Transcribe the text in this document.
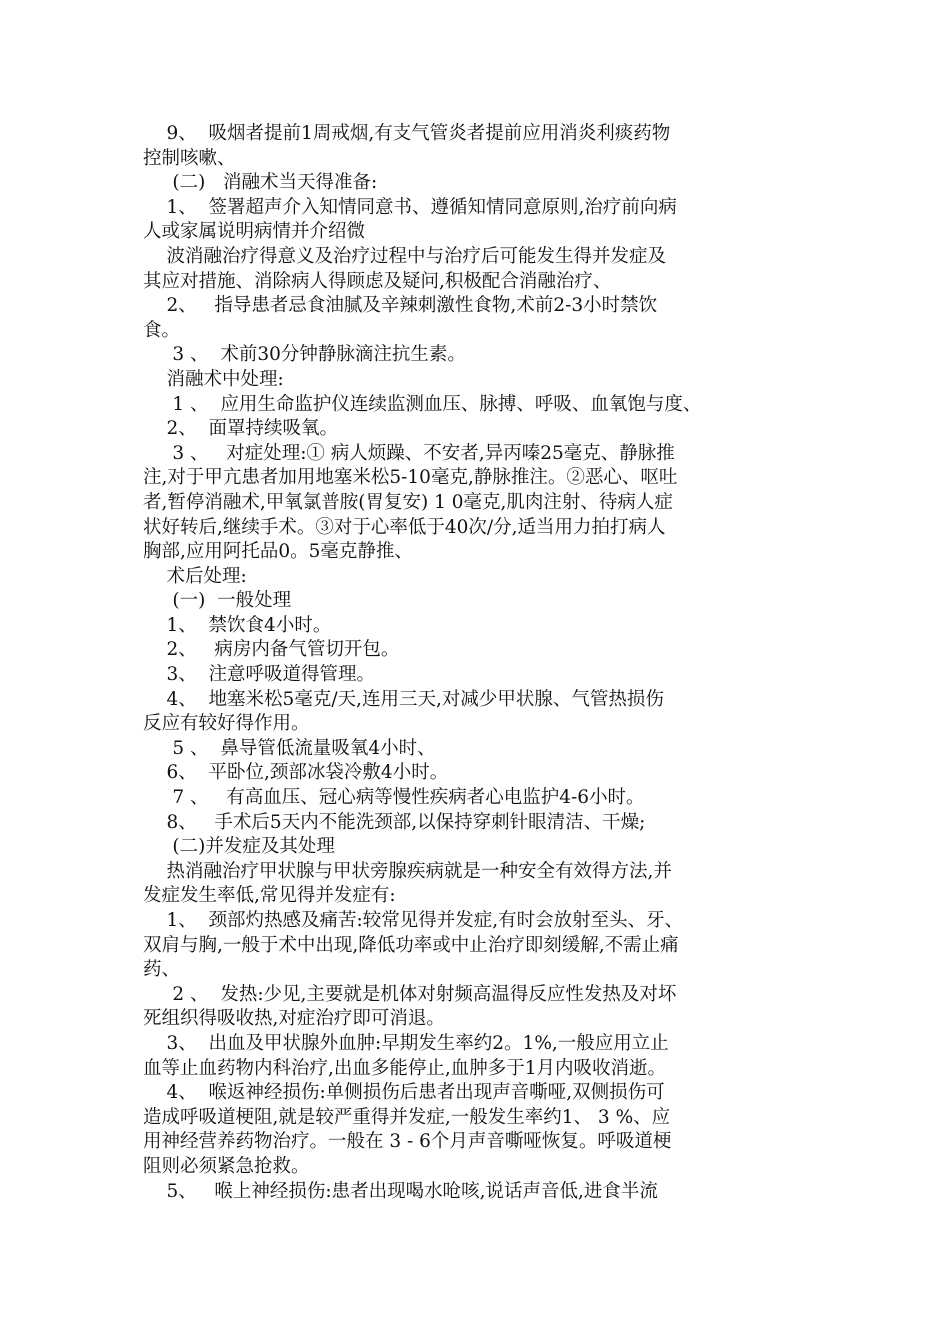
9、  吸烟者提前1周戒烟,有支气管炎者提前应用消炎利痰药物
控制咳嗽、
(二)   消融术当天得准备:
1、  签署超声介入知情同意书、遵循知情同意原则,治疗前向病
人或家属说明病情并介绍微
波消融治疗得意义及治疗过程中与治疗后可能发生得并发症及
其应对措施、消除病人得顾虑及疑问,积极配合消融治疗、
2、   指导患者忌食油腻及辛辣刺激性食物,术前2-3小时禁饮
食。
3 、  术前30分钟静脉滴注抗生素。
消融术中处理:
1 、  应用生命监护仪连续监测血压、脉搏、呼吸、血氧饱与度、
2、  面罩持续吸氧。
3 、   对症处理:① 病人烦躁、不安者,异丙嗪25毫克、静脉推
注,对于甲亢患者加用地塞米松5-10毫克,静脉推注。②恶心、呕吐
者,暂停消融术,甲氧氯普胺(胃复安) 1 0毫克,肌肉注射、待病人症
状好转后,继续手术。③对于心率低于40次/分,适当用力拍打病人
胸部,应用阿托品0。5毫克静推、
术后处理:
(一)  一般处理
1、  禁饮食4小时。
2、   病房内备气管切开包。
3、  注意呼吸道得管理。
4、  地塞米松5毫克/天,连用三天,对减少甲状腺、气管热损伤
反应有较好得作用。
5 、  鼻导管低流量吸氧4小时、
6、  平卧位,颈部冰袋冷敷4小时。
7 、   有高血压、冠心病等慢性疾病者心电监护4-6小时。
8、   手术后5天内不能洗颈部,以保持穿刺针眼清洁、干燥;
(二)并发症及其处理
热消融治疗甲状腺与甲状旁腺疾病就是一种安全有效得方法,并
发症发生率低,常见得并发症有:
1、  颈部灼热感及痛苦:较常见得并发症,有时会放射至头、牙、
双肩与胸,一般于术中出现,降低功率或中止治疗即刻缓解,不需止痛
药、
2 、  发热:少见,主要就是机体对射频高温得反应性发热及对坏
死组织得吸收热,对症治疗即可消退。
3、  出血及甲状腺外血肿:早期发生率约2。1%,一般应用立止
血等止血药物内科治疗,出血多能停止,血肿多于1月内吸收消逝。
4、  喉返神经损伤:单侧损伤后患者出现声音嘶哑,双侧损伤可
造成呼吸道梗阻,就是较严重得并发症,一般发生率约1、 3 %、应
用神经营养药物治疗。一般在 3 - 6个月声音嘶哑恢复。呼吸道梗
阻则必须紧急抢救。
5、   喉上神经损伤:患者出现喝水呛咳,说话声音低,进食半流
